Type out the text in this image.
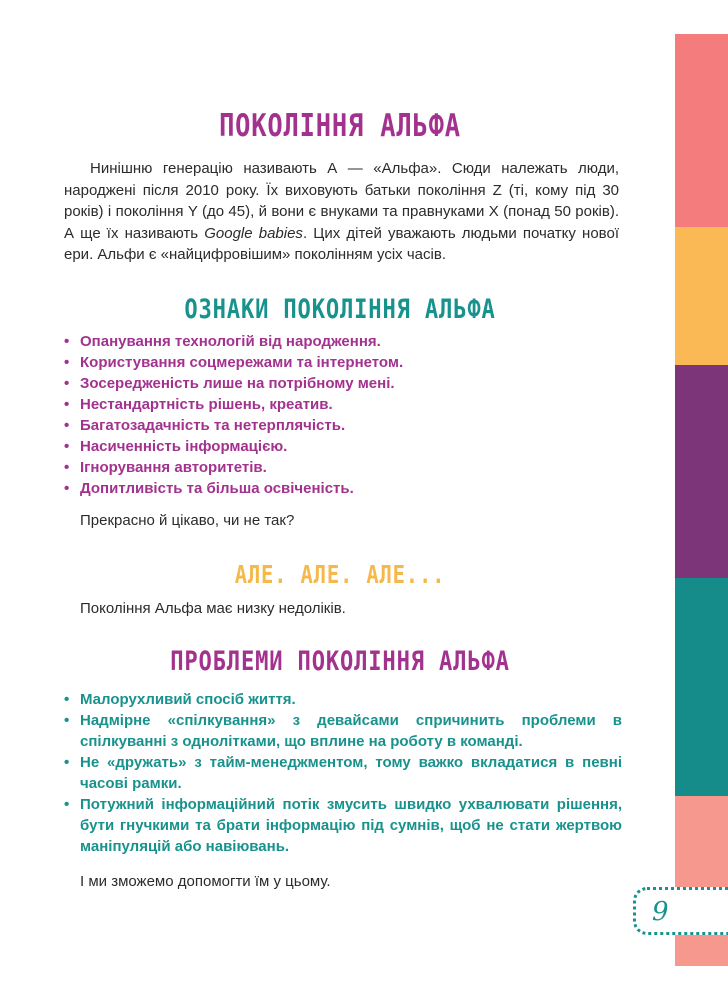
ПОКОЛІННЯ АЛЬФА

Нинішню генерацію називають А — «Альфа». Сюди належать люди, народжені після 2010 року. Їх виховують батьки покоління Z (ті, кому під 30 років) і покоління Y (до 45), й вони є внуками та правнуками X (понад 50 років). А ще їх називають Google babies. Цих дітей уважають людьми початку нової ери. Альфи є «найцифровішим» поколінням усіх часів.

ОЗНАКИ ПОКОЛІННЯ АЛЬФА
• Опанування технологій від народження.
• Користування соцмережами та інтернетом.
• Зосередженість лише на потрібному мені.
• Нестандартність рішень, креатив.
• Багатозадачність та нетерплячість.
• Насиченність інформацією.
• Ігнорування авторитетів.
• Допитливість та більша освіченість.

Прекрасно й цікаво, чи не так?

АЛЕ. АЛЕ. АЛЕ...

Покоління Альфа має низку недоліків.

ПРОБЛЕМИ ПОКОЛІННЯ АЛЬФА
• Малорухливий спосіб життя.
• Надмірне «спілкування» з девайсами спричинить проблеми в спілкуванні з однолітками, що вплине на роботу в команді.
• Не «дружать» з тайм-менеджментом, тому важко вкладатися в певні часові рамки.
• Потужний інформаційний потік змусить швидко ухвалювати рішення, бути гнучкими та брати інформацію під сумнів, щоб не стати жертвою маніпуляцій або навіювань.

І ми зможемо допомогти їм у цьому.

9
